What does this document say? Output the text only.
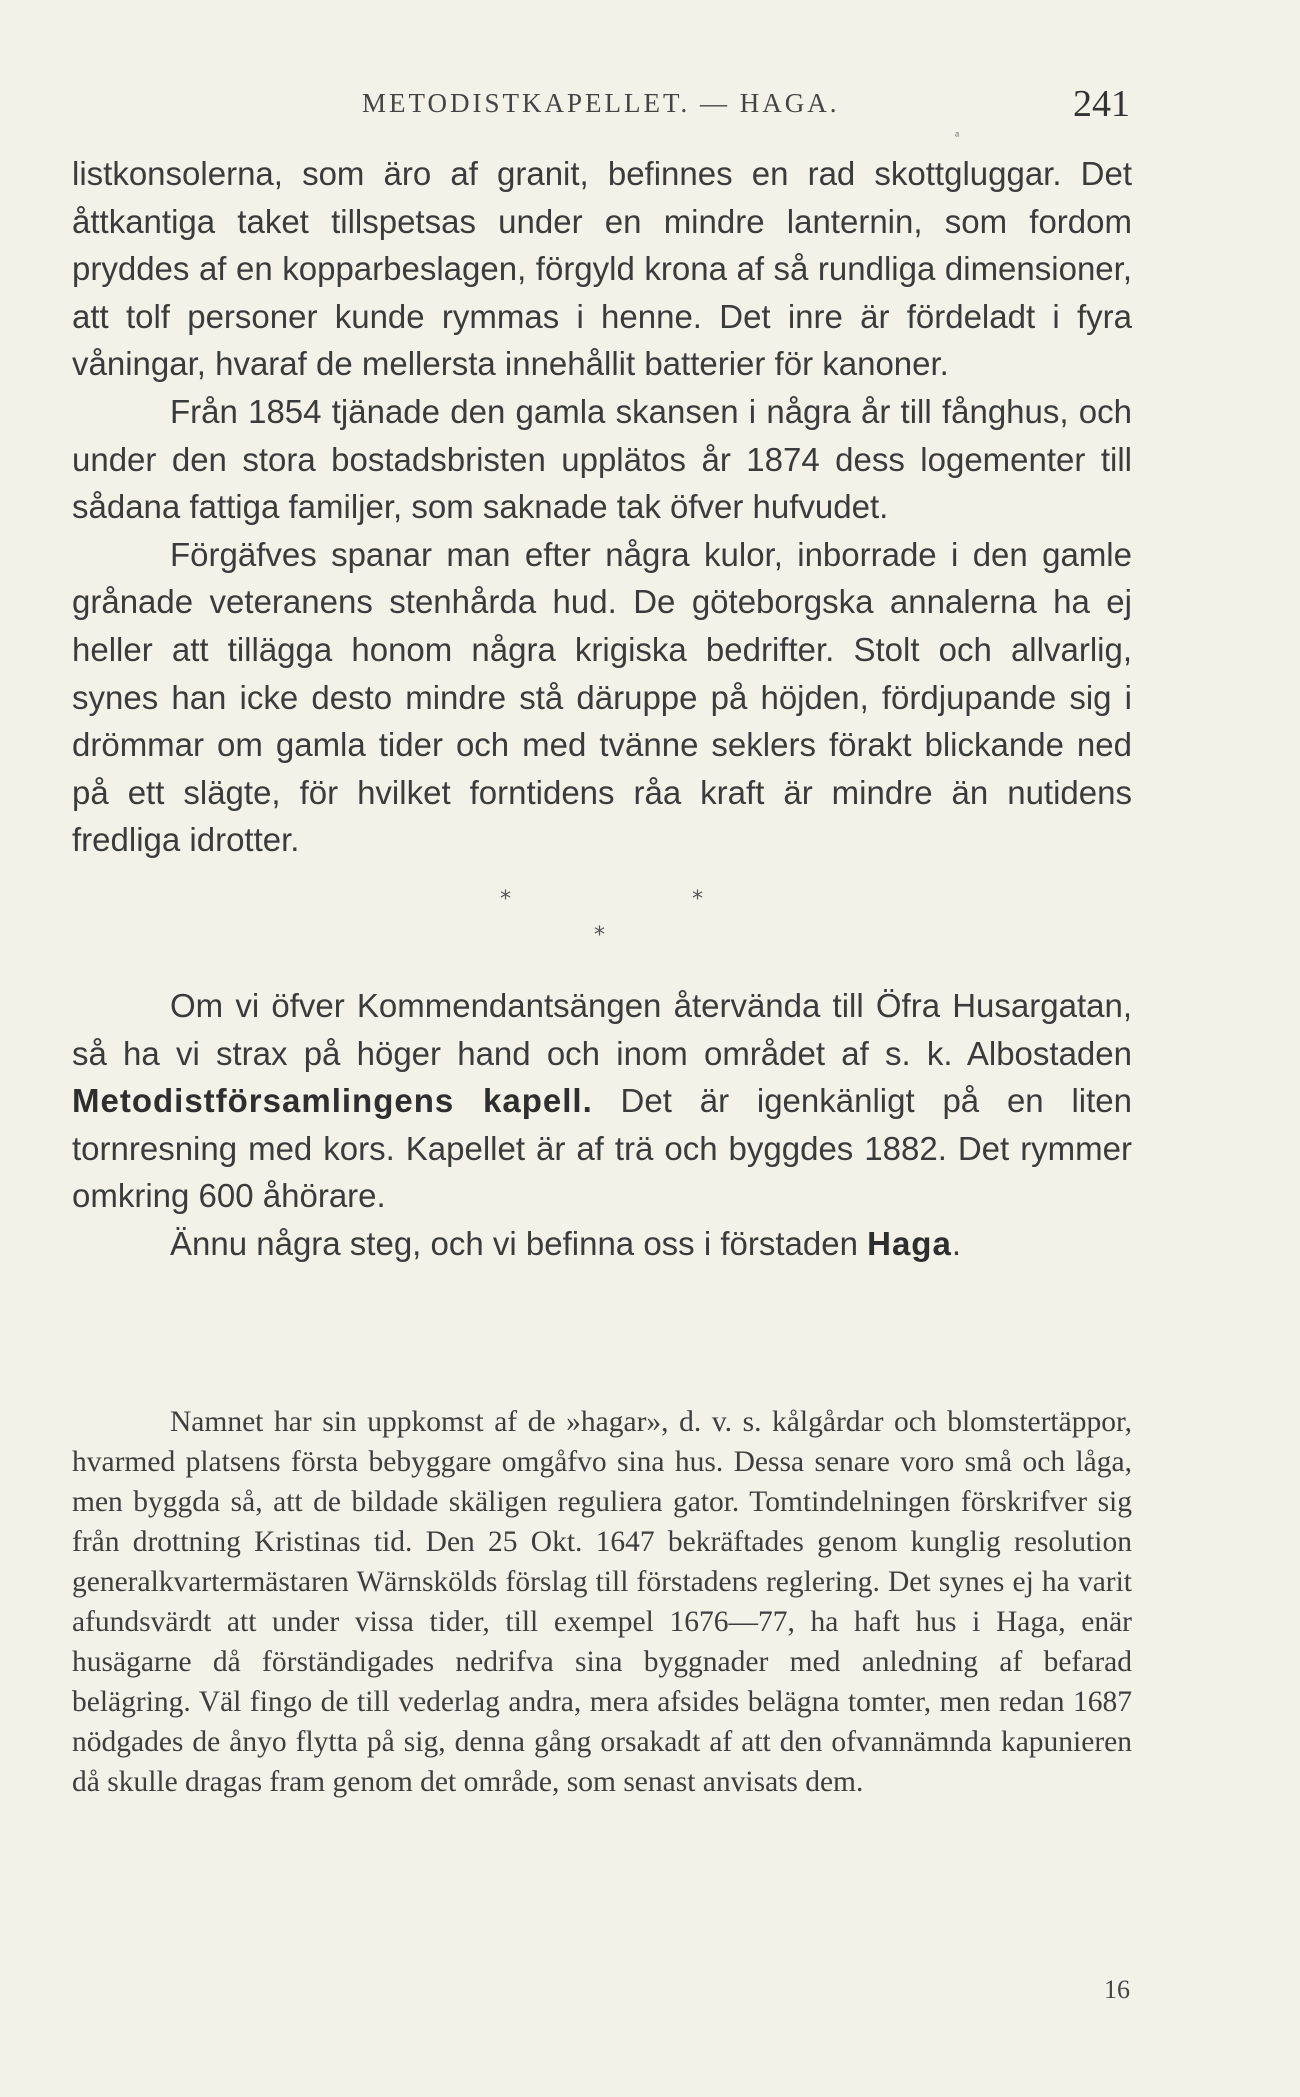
METODISTKAPELLET. — HAGA.	241
ᵃ

listkonsolerna, som äro af granit, befinnes en rad skottgluggar. Det åttkantiga taket tillspetsas under en mindre lanternin, som fordom pryddes af en kopparbeslagen, förgyld krona af så rundliga dimensioner, att tolf personer kunde rymmas i henne. Det inre är fördeladt i fyra våningar, hvaraf de mellersta innehållit batterier för kanoner.

Från 1854 tjänade den gamla skansen i några år till fånghus, och under den stora bostadsbristen upplätos år 1874 dess logementer till sådana fattiga familjer, som saknade tak öfver hufvudet.

Förgäfves spanar man efter några kulor, inborrade i den gamle grånade veteranens stenhårda hud. De göteborgska annalerna ha ej heller att tillägga honom några krigiska bedrifter. Stolt och allvarlig, synes han icke desto mindre stå däruppe på höjden, fördjupande sig i drömmar om gamla tider och med tvänne seklers förakt blickande ned på ett slägte, för hvilket forntidens råa kraft är mindre än nutidens fredliga idrotter.

*	*
*

Om vi öfver Kommendantsängen återvända till Öfra Husargatan, så ha vi strax på höger hand och inom området af s. k. Albostaden Metodistförsamlingens kapell. Det är igenkänligt på en liten tornresning med kors. Kapellet är af trä och byggdes 1882. Det rymmer omkring 600 åhörare.

Ännu några steg, och vi befinna oss i förstaden Haga.

Namnet har sin uppkomst af de »hagar», d. v. s. kålgårdar och blomstertäppor, hvarmed platsens första bebyggare omgåfvo sina hus. Dessa senare voro små och låga, men byggda så, att de bildade skäligen reguliera gator. Tomtindelningen förskrifver sig från drottning Kristinas tid. Den 25 Okt. 1647 bekräftades genom kunglig resolution generalkvartermästaren Wärnskölds förslag till förstadens reglering. Det synes ej ha varit afundsvärdt att under vissa tider, till exempel 1676—77, ha haft hus i Haga, enär husägarne då förständigades nedrifva sina byggnader med anledning af befarad belägring. Väl fingo de till vederlag andra, mera afsides belägna tomter, men redan 1687 nödgades de ånyo flytta på sig, denna gång orsakadt af att den ofvannämnda kapunieren då skulle dragas fram genom det område, som senast anvisats dem.

16
